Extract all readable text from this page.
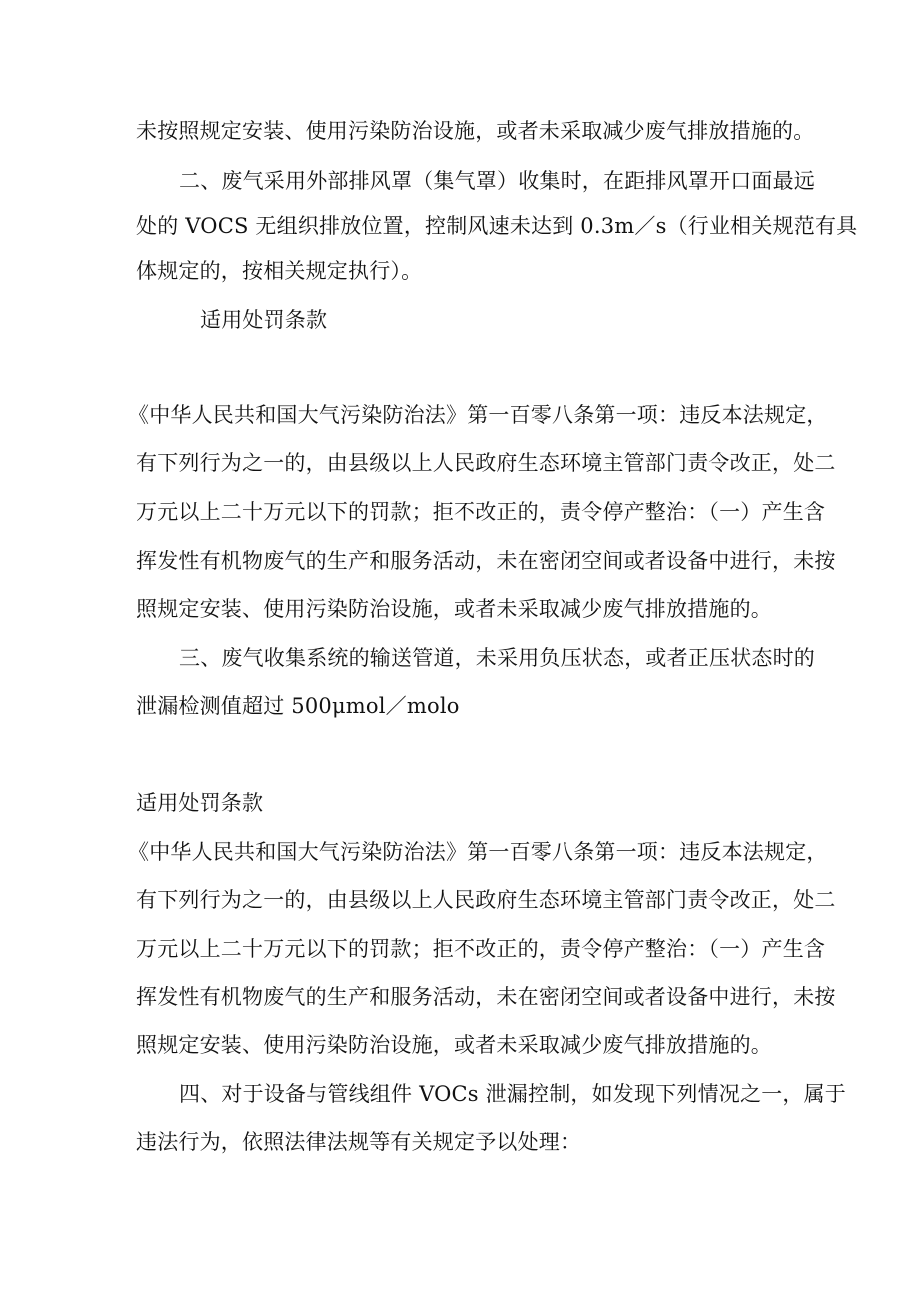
未按照规定安装、使用污染防治设施，或者未采取减少废气排放措施的。
二、废气采用外部排风罩（集气罩）收集时，在距排风罩开口面最远
处的 VOCS 无组织排放位置，控制风速未达到 0.3m／s（行业相关规范有具
体规定的，按相关规定执行）。
适用处罚条款
《中华人民共和国大气污染防治法》第一百零八条第一项：违反本法规定，
有下列行为之一的，由县级以上人民政府生态环境主管部门责令改正，处二
万元以上二十万元以下的罚款；拒不改正的，责令停产整治：（一）产生含
挥发性有机物废气的生产和服务活动，未在密闭空间或者设备中进行，未按
照规定安装、使用污染防治设施，或者未采取减少废气排放措施的。
三、废气收集系统的输送管道，未采用负压状态，或者正压状态时的
泄漏检测值超过 500μmol／molo
适用处罚条款
《中华人民共和国大气污染防治法》第一百零八条第一项：违反本法规定，
有下列行为之一的，由县级以上人民政府生态环境主管部门责令改正，处二
万元以上二十万元以下的罚款；拒不改正的，责令停产整治：（一）产生含
挥发性有机物废气的生产和服务活动，未在密闭空间或者设备中进行，未按
照规定安装、使用污染防治设施，或者未采取减少废气排放措施的。
四、对于设备与管线组件 VOCs 泄漏控制，如发现下列情况之一，属于
违法行为，依照法律法规等有关规定予以处理：
